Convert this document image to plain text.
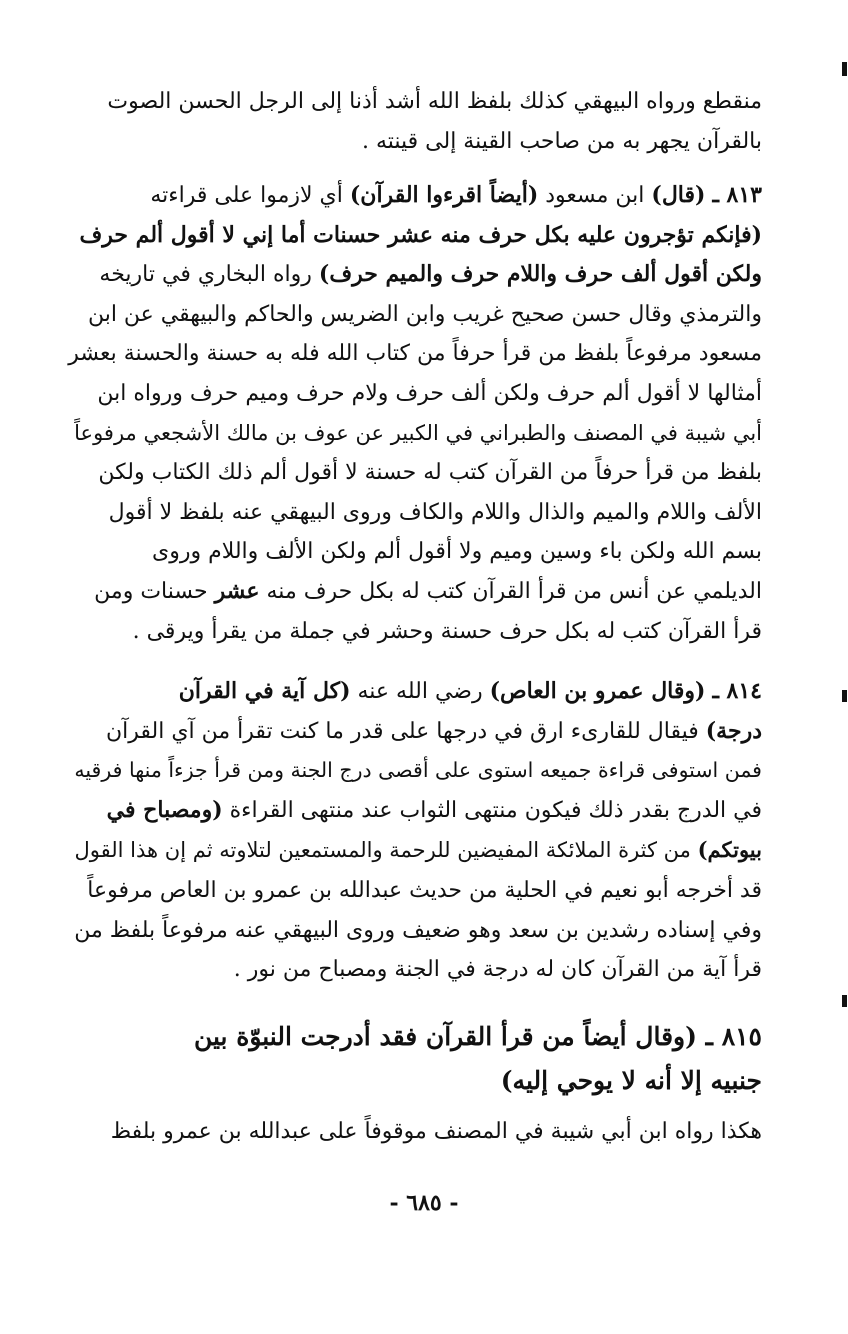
منقطع ورواه البيهقي كذلك بلفظ الله أشد أذنا إلى الرجل الحسن الصوت
بالقرآن يجهر به من صاحب القينة إلى قينته .
٨١٣ ـ (قال) ابن مسعود (أيضاً اقرءوا القرآن) أي لازموا على قراءته
(فإنكم تؤجرون عليه بكل حرف منه عشر حسنات أما إني لا أقول ألم حرف
ولكن أقول ألف حرف واللام حرف والميم حرف) رواه البخاري في تاريخه
والترمذي وقال حسن صحيح غريب وابن الضريس والحاكم والبيهقي عن ابن
مسعود مرفوعاً بلفظ من قرأ حرفاً من كتاب الله فله به حسنة والحسنة بعشر
أمثالها لا أقول ألم حرف ولكن ألف حرف ولام حرف وميم حرف ورواه ابن
أبي شيبة في المصنف والطبراني في الكبير عن عوف بن مالك الأشجعي مرفوعاً
بلفظ من قرأ حرفاً من القرآن كتب له حسنة لا أقول ألم ذلك الكتاب ولكن
الألف واللام والميم والذال واللام والكاف وروى البيهقي عنه بلفظ لا أقول
بسم الله ولكن باء وسين وميم ولا أقول ألم ولكن الألف واللام وروى
الديلمي عن أنس من قرأ القرآن كتب له بكل حرف منه عشر حسنات ومن
قرأ القرآن كتب له بكل حرف حسنة وحشر في جملة من يقرأ ويرقى .
٨١٤ ـ (وقال عمرو بن العاص) رضي الله عنه (كل آية في القرآن
درجة) فيقال للقارىء ارق في درجها على قدر ما كنت تقرأ من آي القرآن
فمن استوفى قراءة جميعه استوى على أقصى درج الجنة ومن قرأ جزءاً منها فرقيه
في الدرج بقدر ذلك فيكون منتهى الثواب عند منتهى القراءة (ومصباح في
بيوتكم) من كثرة الملائكة المفيضين للرحمة والمستمعين لتلاوته ثم إن هذا القول
قد أخرجه أبو نعيم في الحلية من حديث عبدالله بن عمرو بن العاص مرفوعاً
وفي إسناده رشدين بن سعد وهو ضعيف وروى البيهقي عنه مرفوعاً بلفظ من
قرأ آية من القرآن كان له درجة في الجنة ومصباح من نور .
٨١٥ ـ (وقال أيضاً من قرأ القرآن فقد أدرجت النبوّة بين
جنبيه إلا أنه لا يوحي إليه)
هكذا رواه ابن أبي شيبة في المصنف موقوفاً على عبدالله بن عمرو بلفظ
- ٦٨٥ -
